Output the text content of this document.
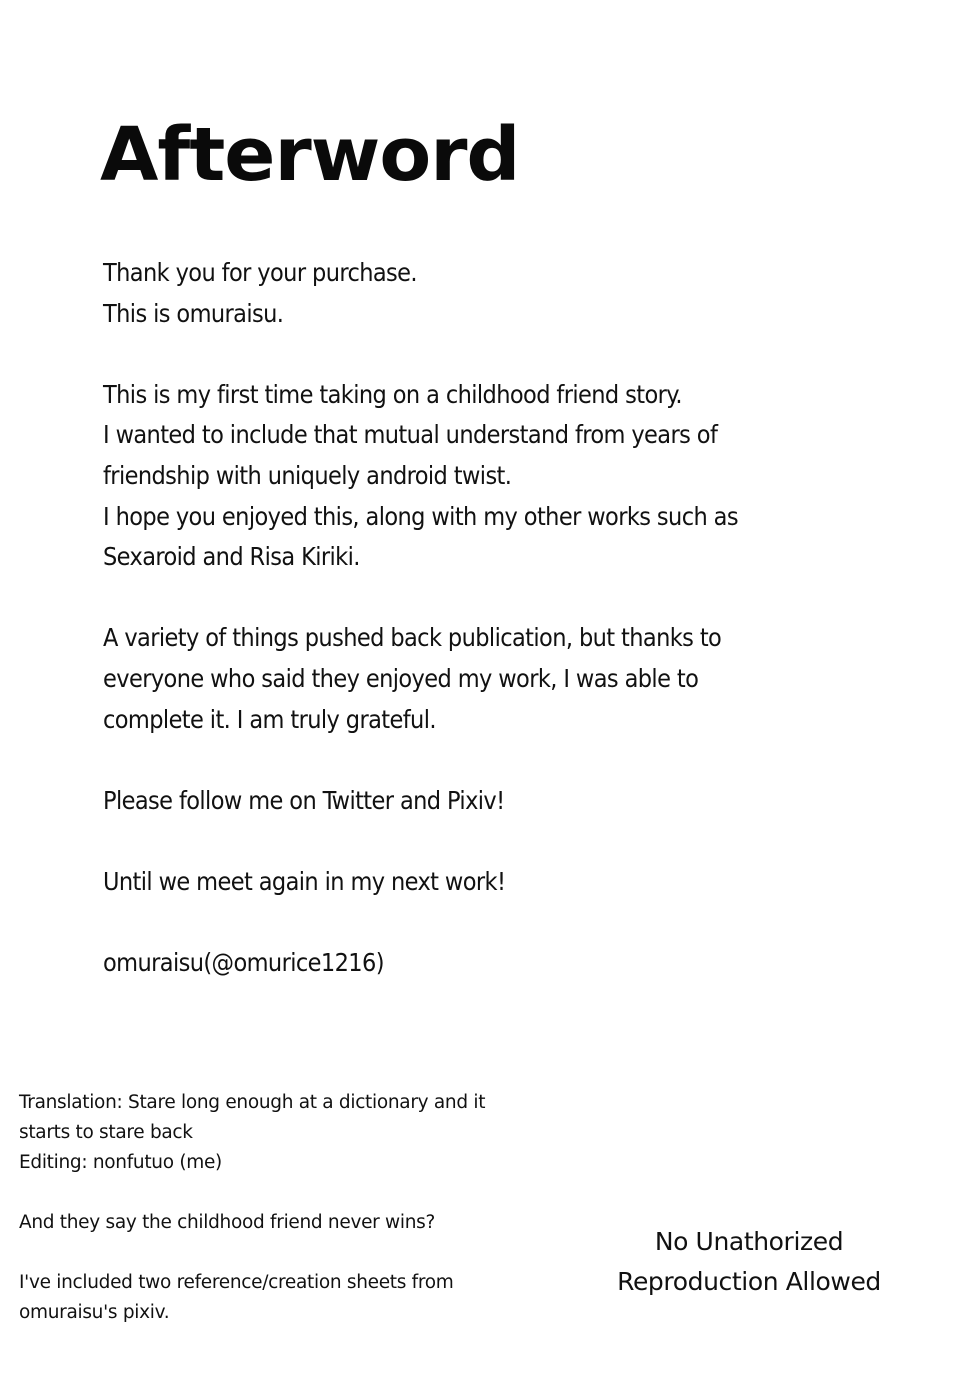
Afterword
Thank you for your purchase.
This is omuraisu.
This is my first time taking on a childhood friend story.
I wanted to include that mutual understand from years of
friendship with uniquely android twist.
I hope you enjoyed this, along with my other works such as
Sexaroid and Risa Kiriki.
A variety of things pushed back publication, but thanks to
everyone who said they enjoyed my work, I was able to
complete it. I am truly grateful.
Please follow me on Twitter and Pixiv!
Until we meet again in my next work!
omuraisu(@omurice1216)
Translation: Stare long enough at a dictionary and it
starts to stare back
Editing: nonfutuo (me)
And they say the childhood friend never wins?
I've included two reference/creation sheets from
omuraisu's pixiv.
No Unathorized
Reproduction Allowed
